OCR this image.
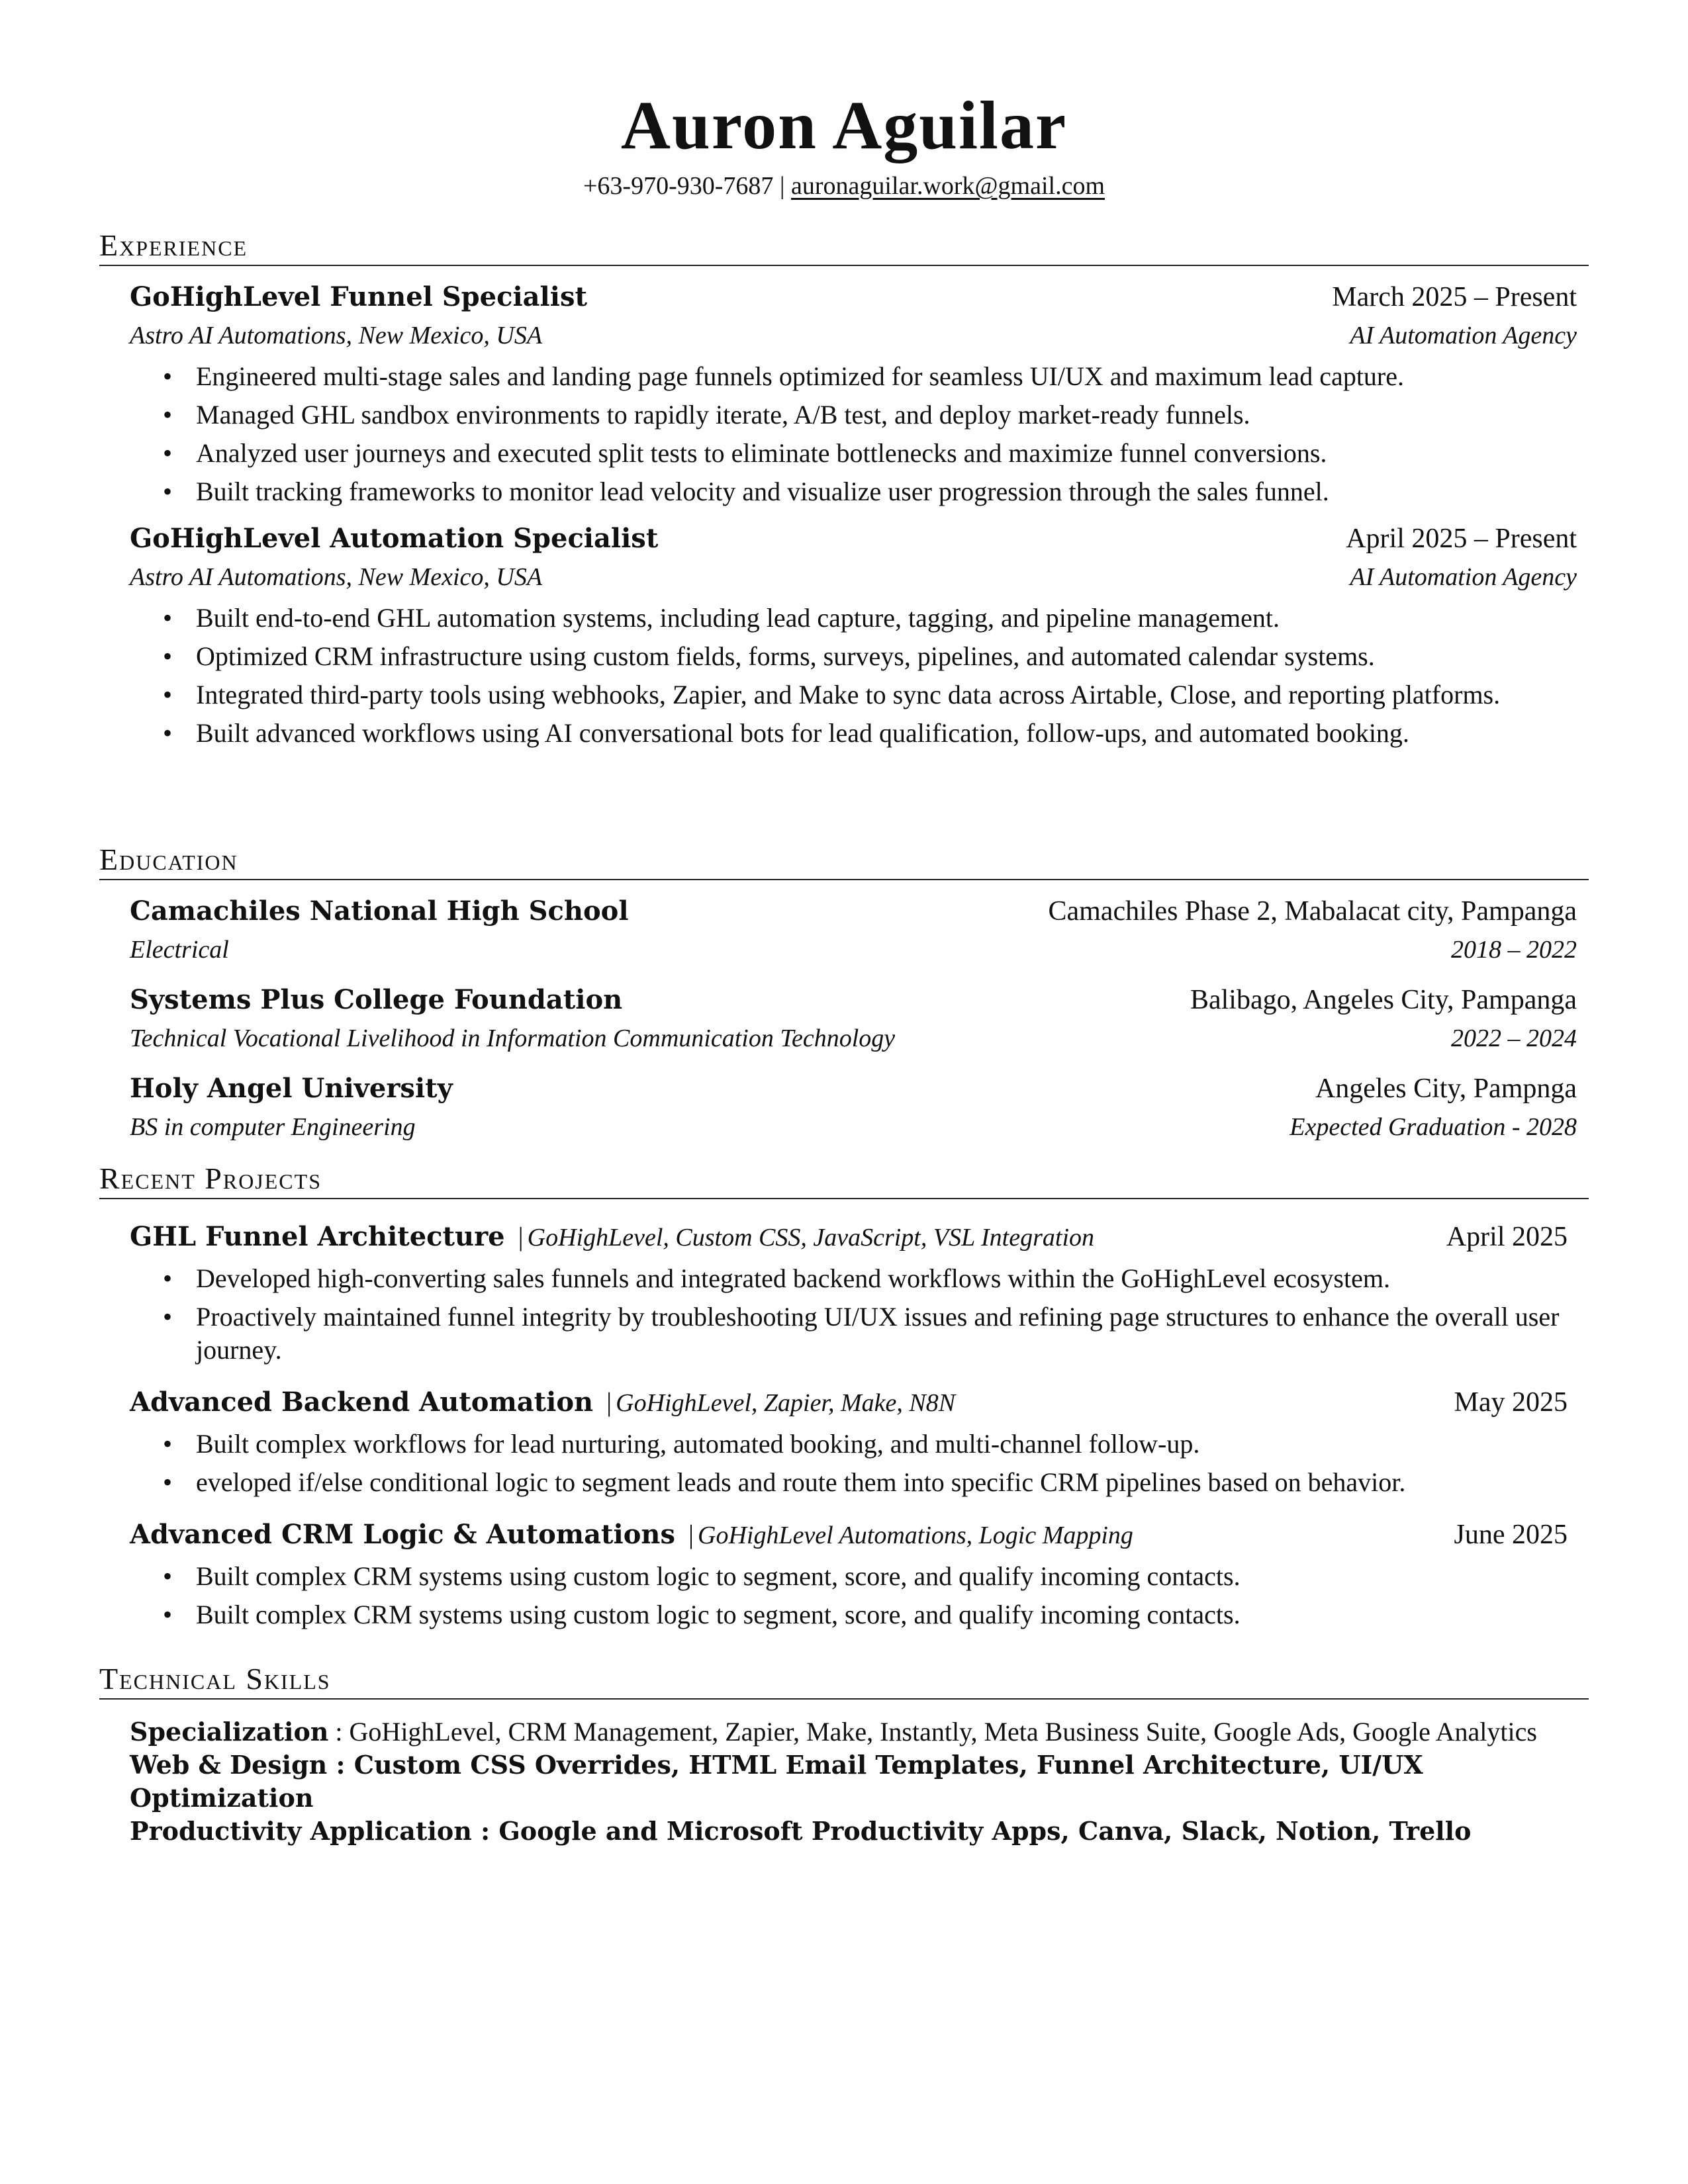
Auron Aguilar
+63-970-930-7687 | auronaguilar.work@gmail.com
Experience
GoHighLevel Funnel Specialist	March 2025 – Present
Astro AI Automations, New Mexico, USA	AI Automation Agency
• Engineered multi-stage sales and landing page funnels optimized for seamless UI/UX and maximum lead capture.
• Managed GHL sandbox environments to rapidly iterate, A/B test, and deploy market-ready funnels.
• Analyzed user journeys and executed split tests to eliminate bottlenecks and maximize funnel conversions.
• Built tracking frameworks to monitor lead velocity and visualize user progression through the sales funnel.
GoHighLevel Automation Specialist	April 2025 – Present
Astro AI Automations, New Mexico, USA	AI Automation Agency
• Built end-to-end GHL automation systems, including lead capture, tagging, and pipeline management.
• Optimized CRM infrastructure using custom fields, forms, surveys, pipelines, and automated calendar systems.
• Integrated third-party tools using webhooks, Zapier, and Make to sync data across Airtable, Close, and reporting platforms.
• Built advanced workflows using AI conversational bots for lead qualification, follow-ups, and automated booking.
Education
Camachiles National High School	Camachiles Phase 2, Mabalacat city, Pampanga
Electrical	2018 – 2022
Systems Plus College Foundation	Balibago, Angeles City, Pampanga
Technical Vocational Livelihood in Information Communication Technology	2022 – 2024
Holy Angel University	Angeles City, Pampnga
BS in computer Engineering	Expected Graduation - 2028
Recent Projects
GHL Funnel Architecture | GoHighLevel, Custom CSS, JavaScript, VSL Integration	April 2025
• Developed high-converting sales funnels and integrated backend workflows within the GoHighLevel ecosystem.
• Proactively maintained funnel integrity by troubleshooting UI/UX issues and refining page structures to enhance the overall user journey.
Advanced Backend Automation | GoHighLevel, Zapier, Make, N8N	May 2025
• Built complex workflows for lead nurturing, automated booking, and multi-channel follow-up.
• eveloped if/else conditional logic to segment leads and route them into specific CRM pipelines based on behavior.
Advanced CRM Logic & Automations | GoHighLevel Automations, Logic Mapping	June 2025
• Built complex CRM systems using custom logic to segment, score, and qualify incoming contacts.
• Built complex CRM systems using custom logic to segment, score, and qualify incoming contacts.
Technical Skills

Specialization : GoHighLevel, CRM Management, Zapier, Make, Instantly, Meta Business Suite, Google Ads, Google Analytics

Web & Design : Custom CSS Overrides, HTML Email Templates, Funnel Architecture, UI/UX Optimization

Productivity Application : Google and Microsoft Productivity Apps, Canva, Slack, Notion, Trello
